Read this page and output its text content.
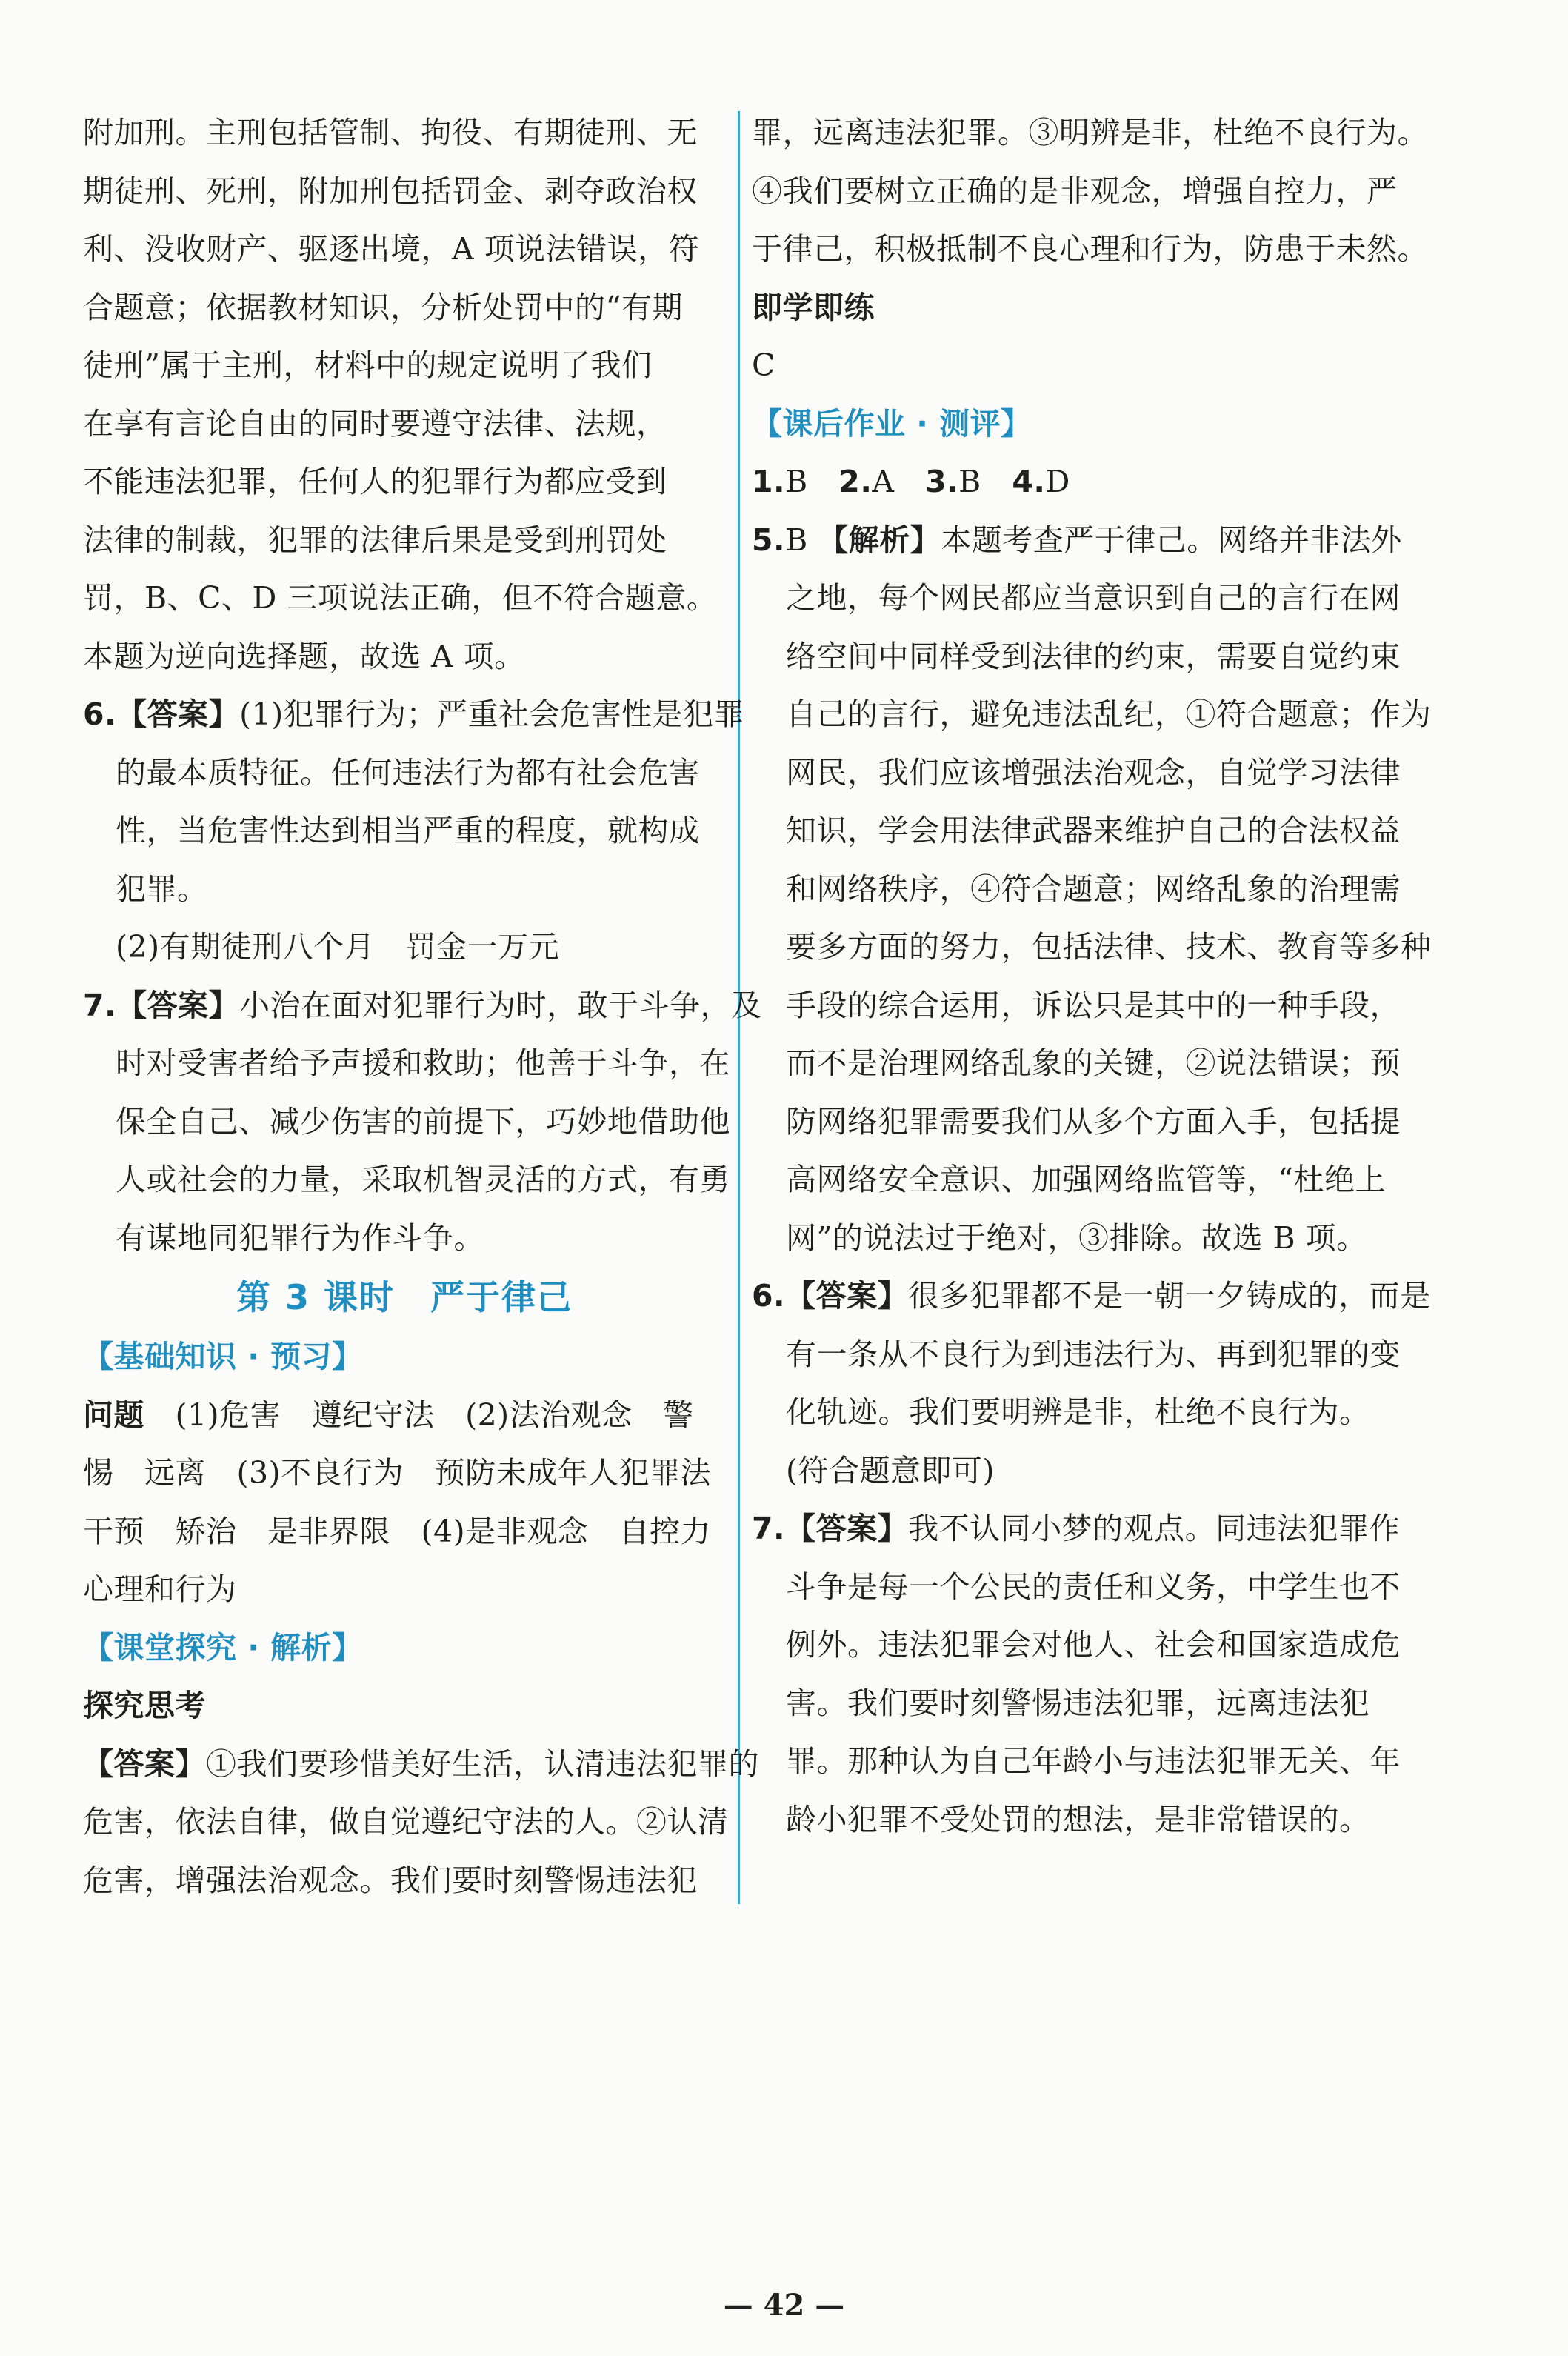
附加刑。主刑包括管制、拘役、有期徒刑、无
期徒刑、死刑，附加刑包括罚金、剥夺政治权
利、没收财产、驱逐出境，A 项说法错误，符
合题意；依据教材知识，分析处罚中的“有期
徒刑”属于主刑，材料中的规定说明了我们
在享有言论自由的同时要遵守法律、法规，
不能违法犯罪，任何人的犯罪行为都应受到
法律的制裁，犯罪的法律后果是受到刑罚处
罚，B、C、D 三项说法正确，但不符合题意。
本题为逆向选择题，故选 A 项。
6.【答案】(1)犯罪行为；严重社会危害性是犯罪
的最本质特征。任何违法行为都有社会危害
性，当危害性达到相当严重的程度，就构成
犯罪。
(2)有期徒刑八个月　罚金一万元
7.【答案】小治在面对犯罪行为时，敢于斗争，及
时对受害者给予声援和救助；他善于斗争，在
保全自己、减少伤害的前提下，巧妙地借助他
人或社会的力量，采取机智灵活的方式，有勇
有谋地同犯罪行为作斗争。
第 3 课时　严于律己
【基础知识 · 预习】
问题　(1)危害　遵纪守法　(2)法治观念　警
惕　远离　(3)不良行为　预防未成年人犯罪法
干预　矫治　是非界限　(4)是非观念　自控力
心理和行为
【课堂探究 · 解析】
探究思考
【答案】①我们要珍惜美好生活，认清违法犯罪的
危害，依法自律，做自觉遵纪守法的人。②认清
危害，增强法治观念。我们要时刻警惕违法犯
罪，远离违法犯罪。③明辨是非，杜绝不良行为。
④我们要树立正确的是非观念，增强自控力，严
于律己，积极抵制不良心理和行为，防患于未然。
即学即练
C
【课后作业 · 测评】
1.B 2.A 3.B 4.D
5.B 【解析】本题考查严于律己。网络并非法外
之地，每个网民都应当意识到自己的言行在网
络空间中同样受到法律的约束，需要自觉约束
自己的言行，避免违法乱纪，①符合题意；作为
网民，我们应该增强法治观念，自觉学习法律
知识，学会用法律武器来维护自己的合法权益
和网络秩序，④符合题意；网络乱象的治理需
要多方面的努力，包括法律、技术、教育等多种
手段的综合运用，诉讼只是其中的一种手段，
而不是治理网络乱象的关键，②说法错误；预
防网络犯罪需要我们从多个方面入手，包括提
高网络安全意识、加强网络监管等，“杜绝上
网”的说法过于绝对，③排除。故选 B 项。
6.【答案】很多犯罪都不是一朝一夕铸成的，而是
有一条从不良行为到违法行为、再到犯罪的变
化轨迹。我们要明辨是非，杜绝不良行为。
(符合题意即可)
7.【答案】我不认同小梦的观点。同违法犯罪作
斗争是每一个公民的责任和义务，中学生也不
例外。违法犯罪会对他人、社会和国家造成危
害。我们要时刻警惕违法犯罪，远离违法犯
罪。那种认为自己年龄小与违法犯罪无关、年
龄小犯罪不受处罚的想法，是非常错误的。
— 42 —
